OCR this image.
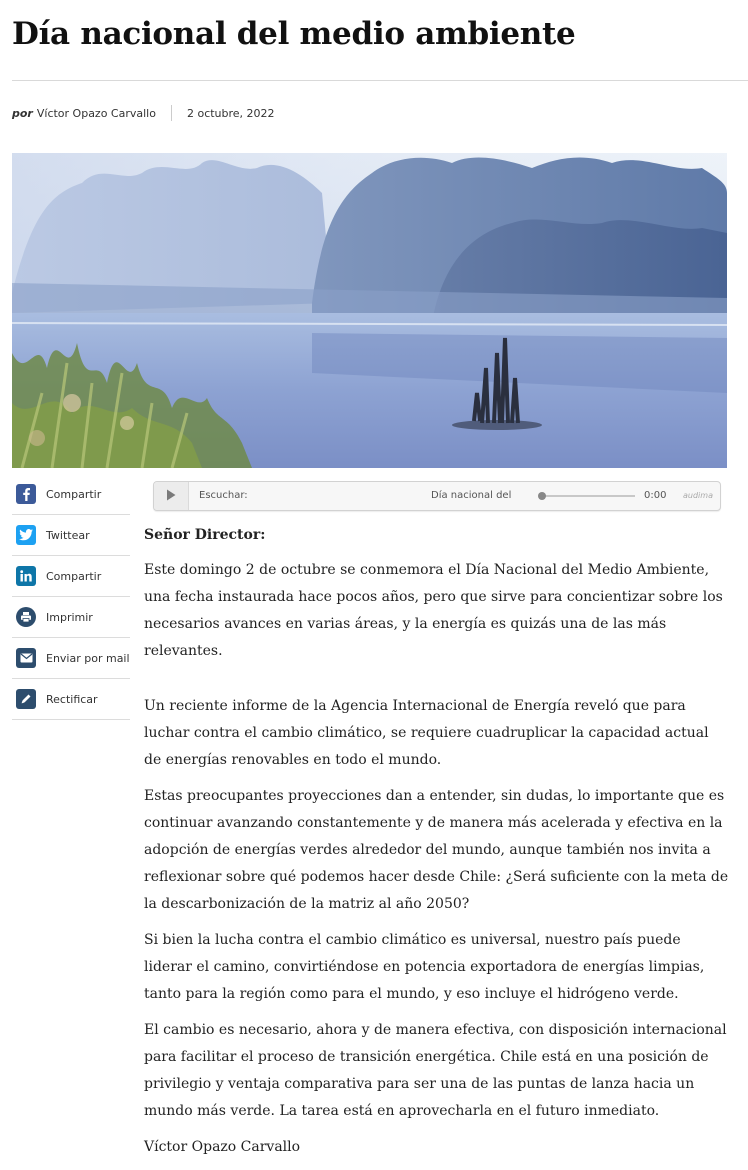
Día nacional del medio ambiente
por Víctor Opazo Carvallo	2 octubre, 2022
Compartir
Twittear
Compartir
Imprimir
Enviar por mail
Rectificar
Escuchar:	Día nacional del	0:00 audima

Señor Director:

Este domingo 2 de octubre se conmemora el Día Nacional del Medio Ambiente, una fecha instaurada hace pocos años, pero que sirve para concientizar sobre los necesarios avances en varias áreas, y la energía es quizás una de las más relevantes.

Un reciente informe de la Agencia Internacional de Energía reveló que para luchar contra el cambio climático, se requiere cuadruplicar la capacidad actual de energías renovables en todo el mundo.

Estas preocupantes proyecciones dan a entender, sin dudas, lo importante que es continuar avanzando constantemente y de manera más acelerada y efectiva en la adopción de energías verdes alrededor del mundo, aunque también nos invita a reflexionar sobre qué podemos hacer desde Chile: ¿Será suficiente con la meta de la descarbonización de la matriz al año 2050?

Si bien la lucha contra el cambio climático es universal, nuestro país puede liderar el camino, convirtiéndose en potencia exportadora de energías limpias, tanto para la región como para el mundo, y eso incluye el hidrógeno verde.

El cambio es necesario, ahora y de manera efectiva, con disposición internacional para facilitar el proceso de transición energética. Chile está en una posición de privilegio y ventaja comparativa para ser una de las puntas de lanza hacia un mundo más verde. La tarea está en aprovecharla en el futuro inmediato.

Víctor Opazo Carvallo
